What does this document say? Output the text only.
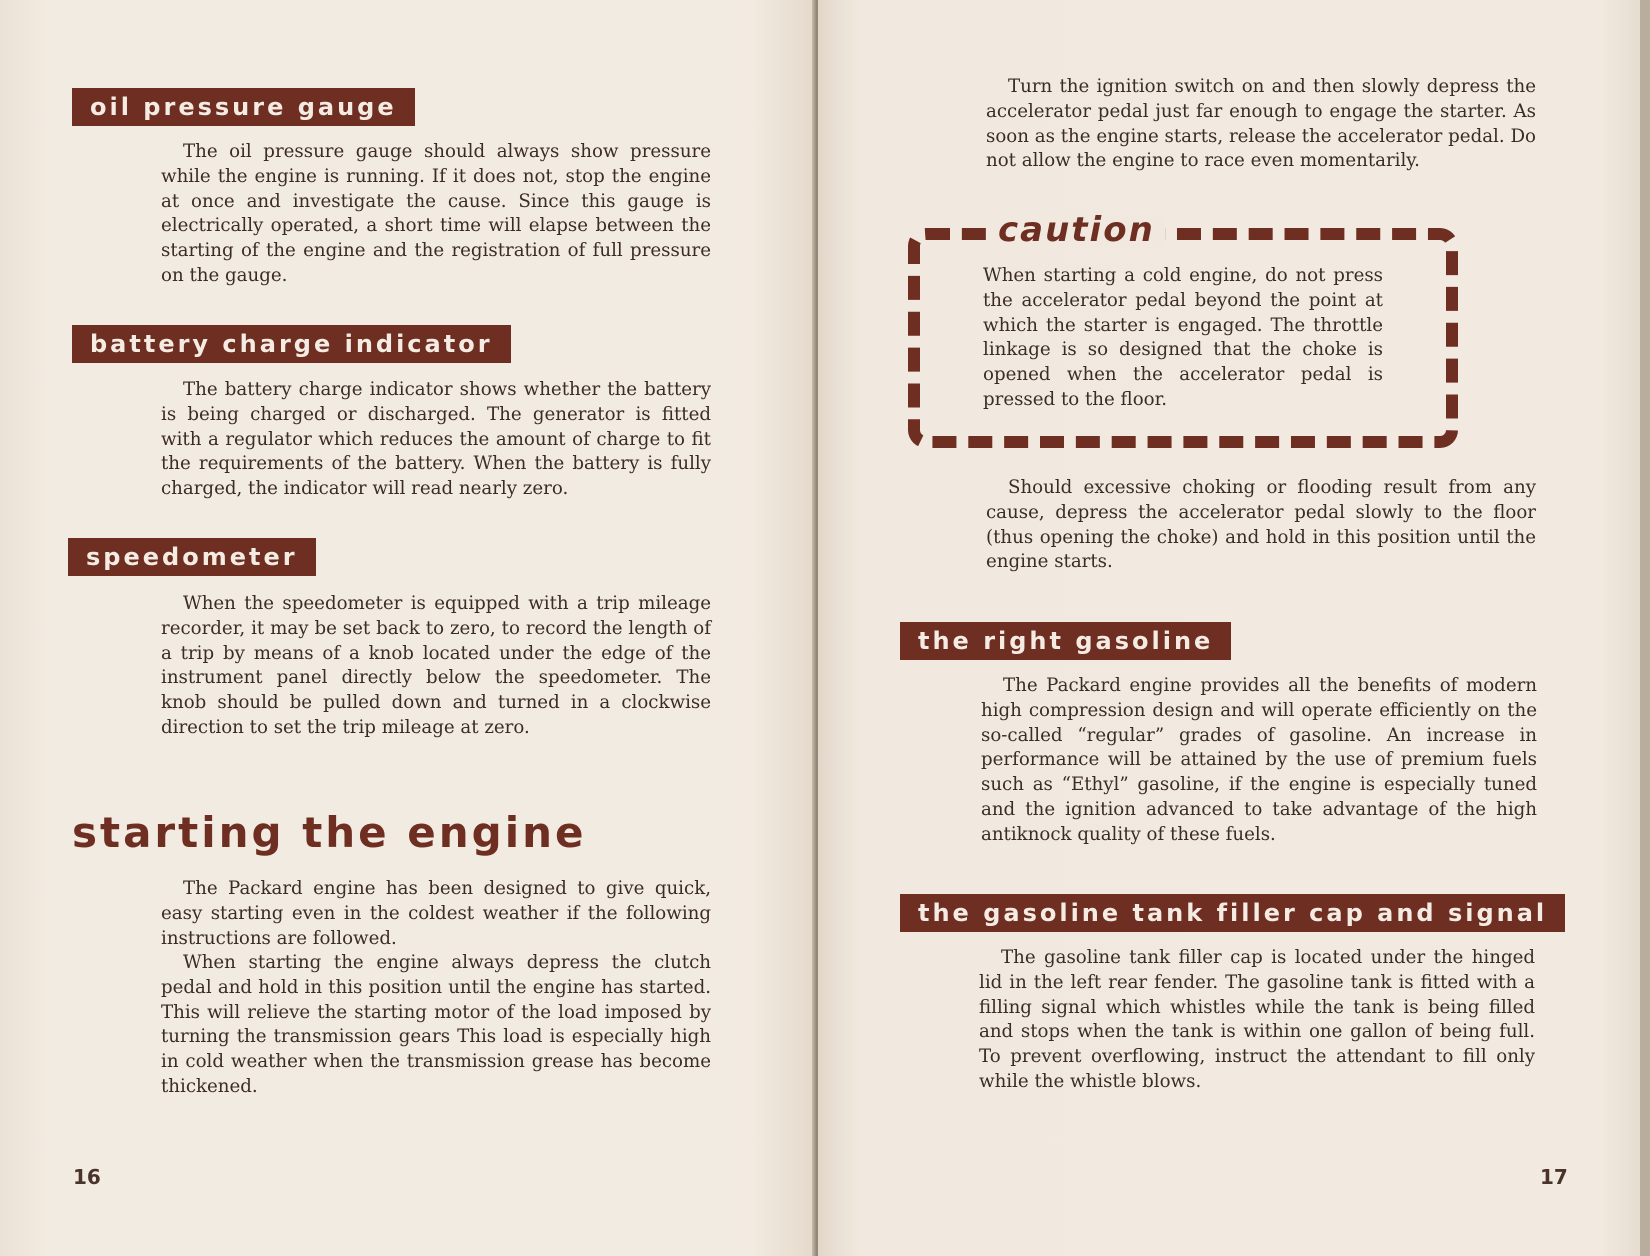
oil pressure gauge

The oil pressure gauge should always show pressure while the engine is running. If it does not, stop the engine at once and investigate the cause. Since this gauge is electrically operated, a short time will elapse between the starting of the engine and the registration of full pressure on the gauge.

battery charge indicator

The battery charge indicator shows whether the battery is being charged or discharged. The generator is fitted with a regulator which reduces the amount of charge to fit the requirements of the battery. When the battery is fully charged, the indicator will read nearly zero.

speedometer

When the speedometer is equipped with a trip mileage recorder, it may be set back to zero, to record the length of a trip by means of a knob located under the edge of the instrument panel directly below the speedometer. The knob should be pulled down and turned in a clockwise direction to set the trip mileage at zero.

starting the engine

The Packard engine has been designed to give quick, easy starting even in the coldest weather if the following instructions are followed.

When starting the engine always depress the clutch pedal and hold in this position until the engine has started. This will relieve the starting motor of the load imposed by turning the transmission gears This load is especially high in cold weather when the transmission grease has become thickened.

16

Turn the ignition switch on and then slowly depress the accelerator pedal just far enough to engage the starter. As soon as the engine starts, release the accelerator pedal. Do not allow the engine to race even momentarily.

caution

When starting a cold engine, do not press the accelerator pedal beyond the point at which the starter is engaged. The throttle linkage is so designed that the choke is opened when the accelerator pedal is pressed to the floor.

Should excessive choking or flooding result from any cause, depress the accelerator pedal slowly to the floor (thus opening the choke) and hold in this position until the engine starts.

the right gasoline

The Packard engine provides all the benefits of modern high compression design and will operate efficiently on the so-called “regular” grades of gasoline. An increase in performance will be attained by the use of premium fuels such as “Ethyl” gasoline, if the engine is especially tuned and the ignition advanced to take advantage of the high antiknock quality of these fuels.

the gasoline tank filler cap and signal

The gasoline tank filler cap is located under the hinged lid in the left rear fender. The gasoline tank is fitted with a filling signal which whistles while the tank is being filled and stops when the tank is within one gallon of being full. To prevent overflowing, instruct the attendant to fill only while the whistle blows.

17
